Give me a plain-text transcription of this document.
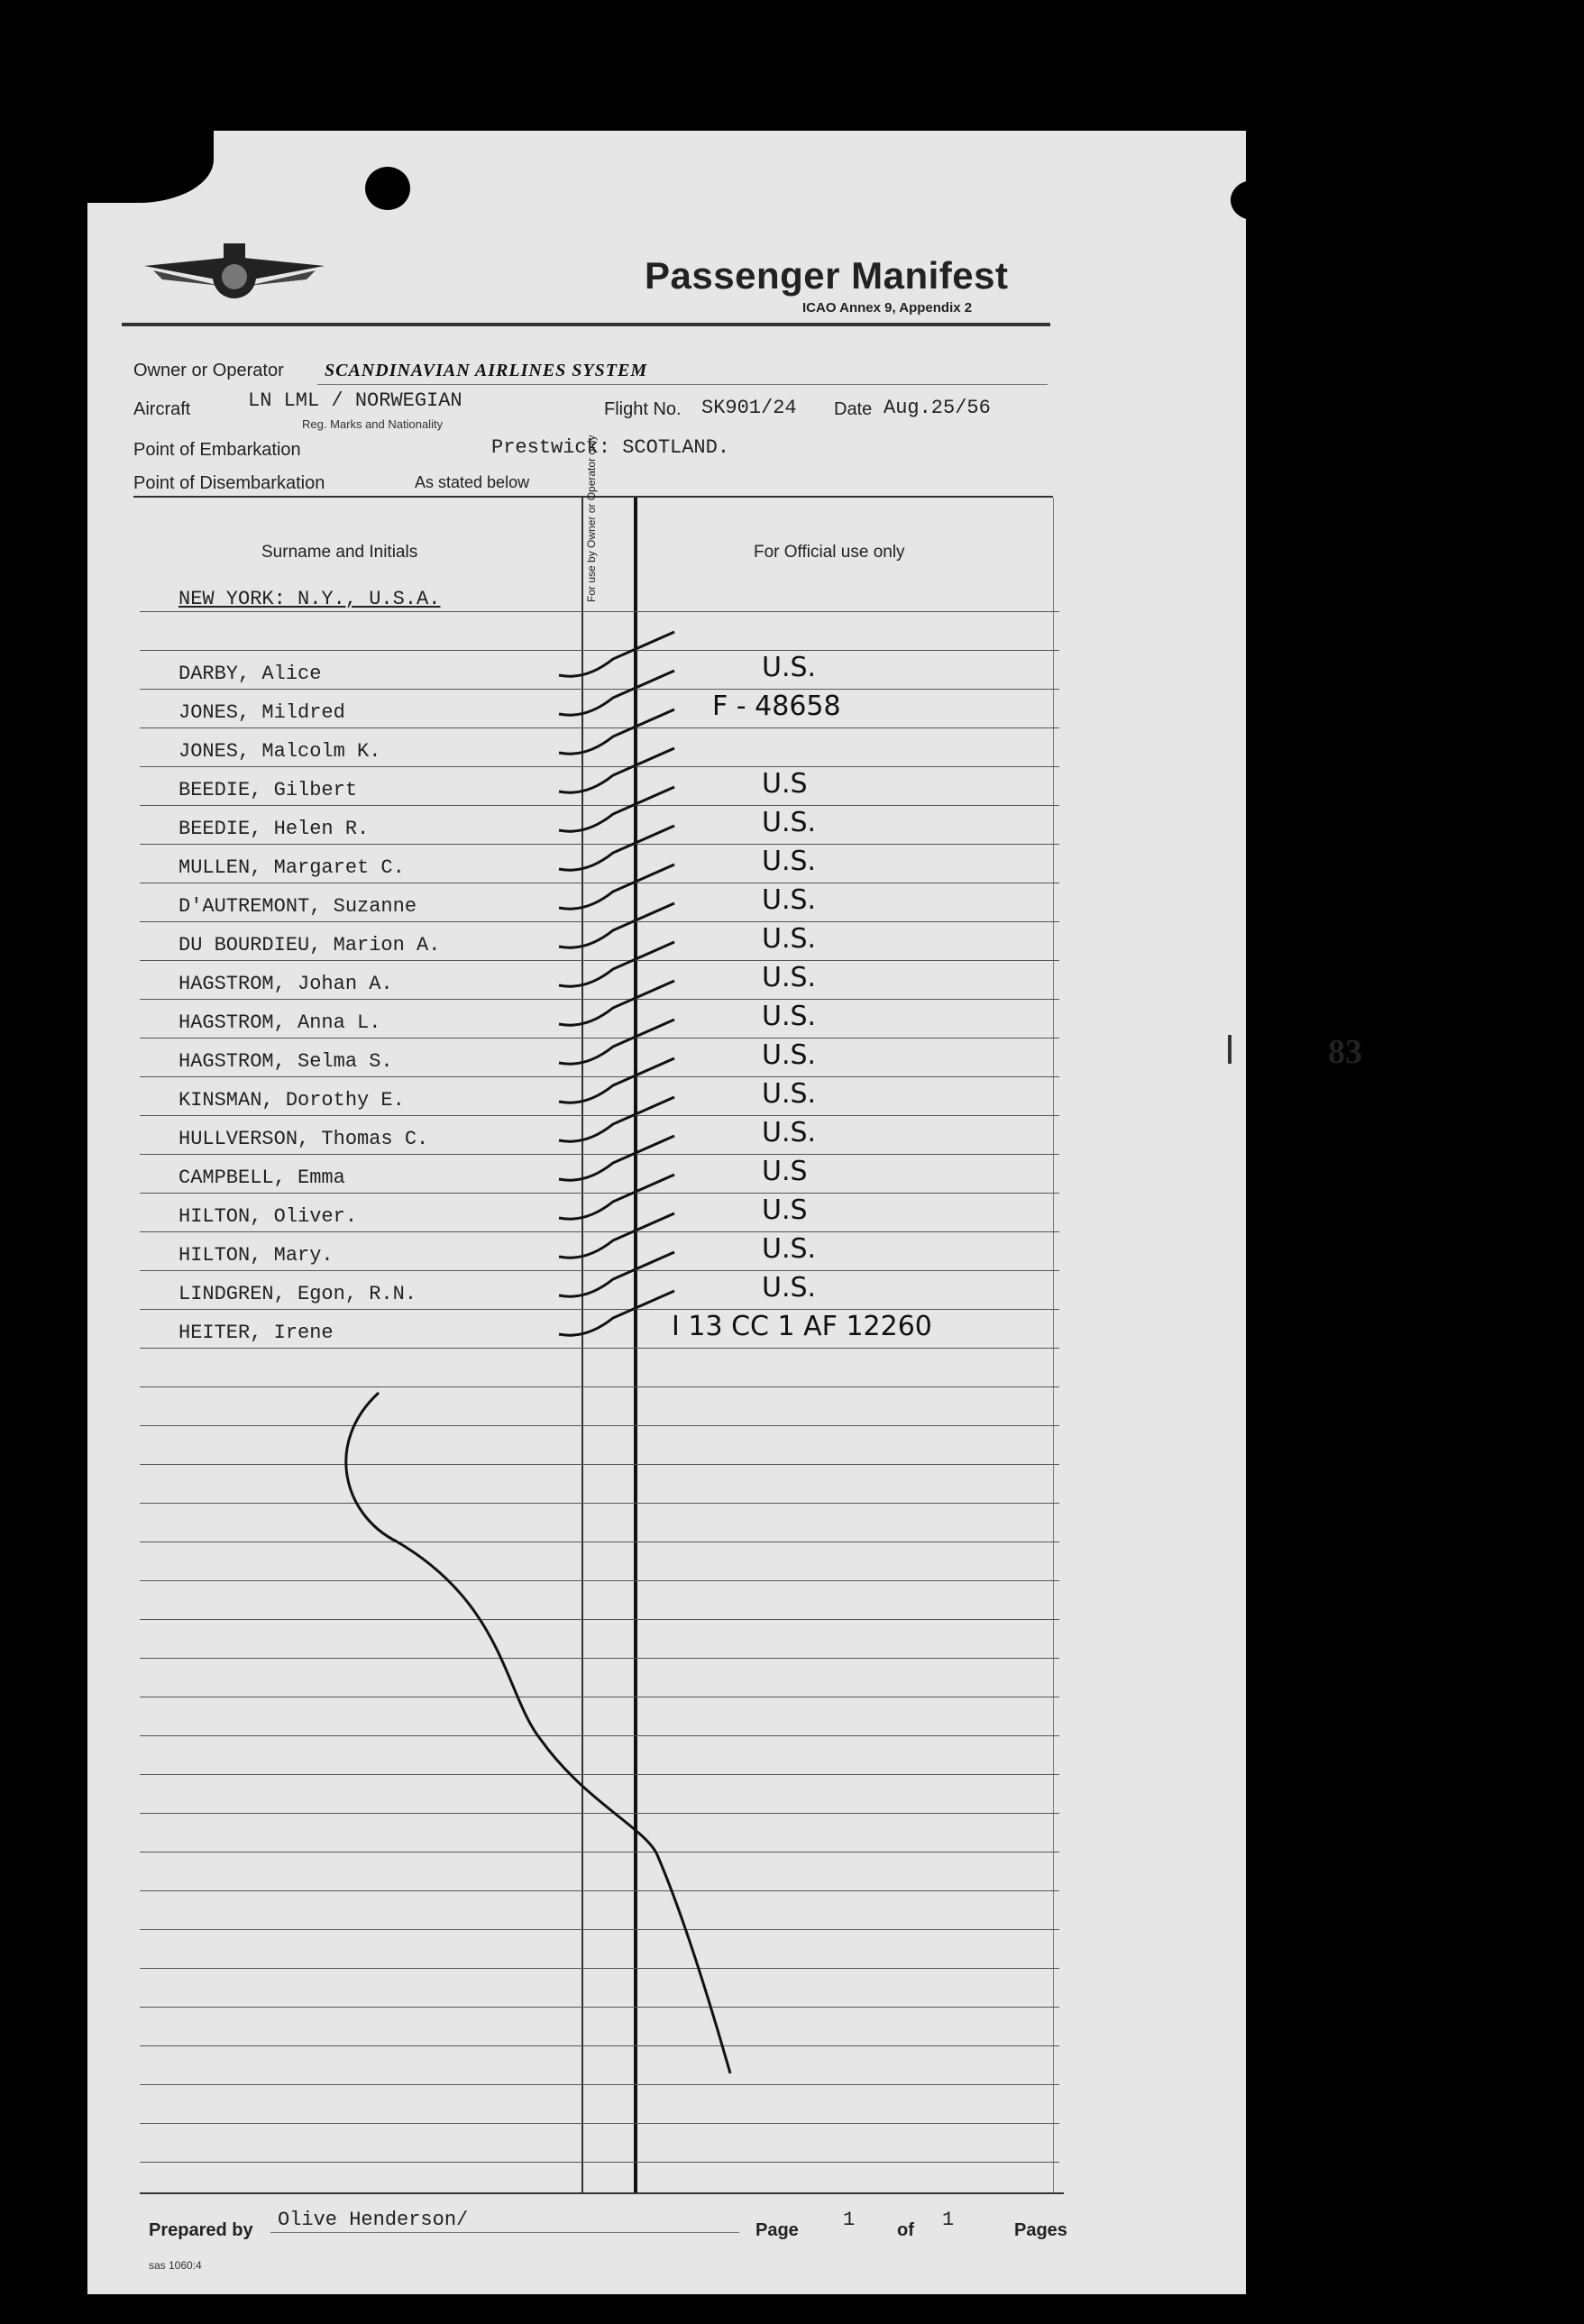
Passenger Manifest
ICAO Annex 9, Appendix 2
Owner or Operator SCANDINAVIAN AIRLINES SYSTEM
Aircraft	LN LML / NORWEGIAN
Reg. Marks and Nationality
Flight No. SK901/24 Date Aug.25/56
Point of Embarkation	Prestwick: SCOTLAND.
Point of Disembarkation	As stated below
Surname and Initials	For use by Owner or Operator only	For Official use only
NEW YORK: N.Y., U.S.A.
DARBY, Alice	U.S.
JONES, Mildred	F - 48658
JONES, Malcolm K.
BEEDIE, Gilbert	U.S
BEEDIE, Helen R.	U.S.
MULLEN, Margaret C.	U.S.
D'AUTREMONT, Suzanne	U.S.
DU BOURDIEU, Marion A.	U.S.
HAGSTROM, Johan A.	U.S.
HAGSTROM, Anna L.	U.S.
HAGSTROM, Selma S.	U.S.
KINSMAN, Dorothy E.	U.S.
HULLVERSON, Thomas C.	U.S.
CAMPBELL, Emma	U.S
HILTON, Oliver.	U.S
HILTON, Mary.	U.S.
LINDGREN, Egon, R.N.	U.S.
HEITER, Irene	I 13 CC 1 AF 12260
Prepared by Olive Henderson/	Page 1 of 1	Pages
sas 1060:4
83
